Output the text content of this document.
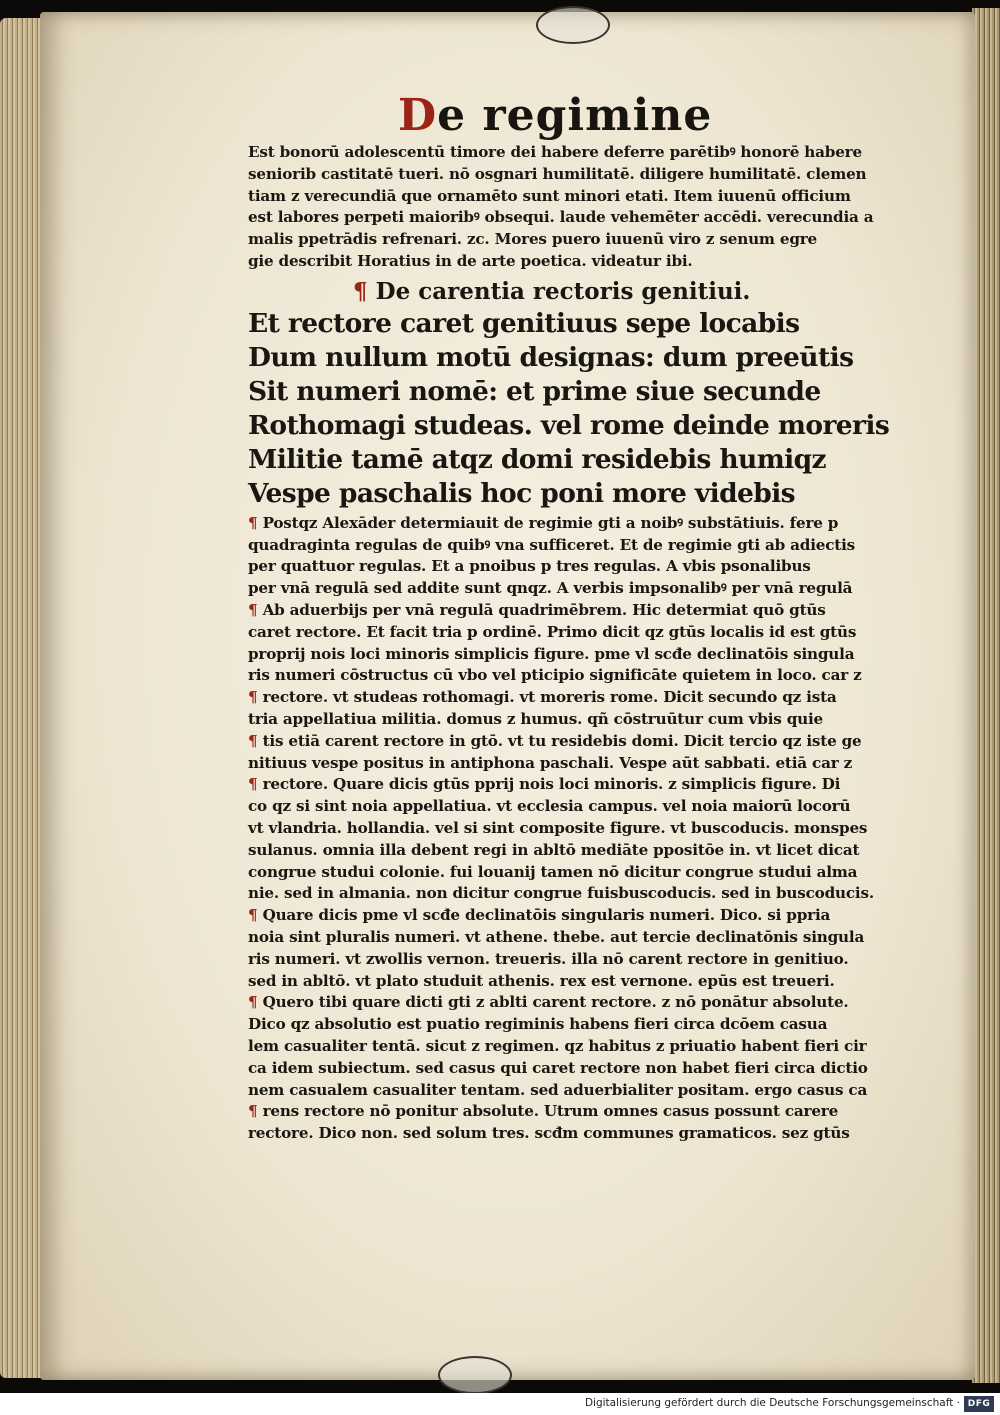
De regimine
Est bonorū adolescentū timore dei habere deferre parētibꝰ honorē habere
seniorib castitatē tueri. nō osgnari humilitatē. diligere humilitatē. clemen
tiam z verecundiā que ornamēto sunt minori etati. Item iuuenū officium
est labores perpeti maioribꝰ obsequi. laude vehemēter accēdi. verecundia a
malis ppetrādis refrenari. zc. Mores puero iuuenū viro z senum egre
gie describit Horatius in de arte poetica. videatur ibi.
¶ De carentia rectoris genitiui.
Et rectore caret genitiuus sepe locabis
Dum nullum motū designas: dum preeūtis
Sit numeri nomē: et prime siue secunde
Rothomagi studeas. vel rome deinde moreris
Militie tamē atqz domi residebis humiqz
Vespe paschalis hoc poni more videbis
¶ Postqz Alexāder determiauit de regimie gti a noibꝰ substātiuis. fere p
quadraginta regulas de quibꝰ vna sufficeret. Et de regimie gti ab adiectis
per quattuor regulas. Et a pnoibus p tres regulas. A vbis psonalibus
per vnā regulā sed addite sunt qnqz. A verbis impsonalibꝰ per vnā regulā
¶ Ab aduerbijs per vnā regulā quadrimēbrem. Hic determiat quō gtūs
caret rectore. Et facit tria p ordinē. Primo dicit qz gtūs localis id est gtūs
proprij nois loci minoris simplicis figure. pme vl scđe declinatōis singula
ris numeri cōstructus cū vbo vel pticipio significāte quietem in loco. car z
¶ rectore. vt studeas rothomagi. vt moreris rome. Dicit secundo qz ista
tria appellatiua militia. domus z humus. qñ cōstruūtur cum vbis quie
¶ tis etiā carent rectore in gtō. vt tu residebis domi. Dicit tercio qz iste ge
nitiuus vespe positus in antiphona paschali. Vespe aūt sabbati. etiā car z
¶ rectore. Quare dicis gtūs pprij nois loci minoris. z simplicis figure. Di
co qz si sint noia appellatiua. vt ecclesia campus. vel noia maiorū locorū
vt vlandria. hollandia. vel si sint composite figure. vt buscoducis. monspes
sulanus. omnia illa debent regi in abltō mediāte ppositōe in. vt licet dicat
congrue studui colonie. fui louanij tamen nō dicitur congrue studui alma
nie. sed in almania. non dicitur congrue fuisbuscoducis. sed in buscoducis.
¶ Quare dicis pme vl scđe declinatōis singularis numeri. Dico. si ppria
noia sint pluralis numeri. vt athene. thebe. aut tercie declinatōnis singula
ris numeri. vt zwollis vernon. treueris. illa nō carent rectore in genitiuo.
sed in abltō. vt plato studuit athenis. rex est vernone. epūs est treueri.
¶ Quero tibi quare dicti gti z ablti carent rectore. z nō ponātur absolute.
Dico qz absolutio est puatio regiminis habens fieri circa dcōem casua
lem casualiter tentā. sicut z regimen. qz habitus z priuatio habent fieri cir
ca idem subiectum. sed casus qui caret rectore non habet fieri circa dictio
nem casualem casualiter tentam. sed aduerbialiter positam. ergo casus ca
¶ rens rectore nō ponitur absolute. Utrum omnes casus possunt carere
rectore. Dico non. sed solum tres. scđm communes gramaticos. sez gtūs
Digitalisierung gefördert durch die Deutsche Forschungsgemeinschaft · DFG
